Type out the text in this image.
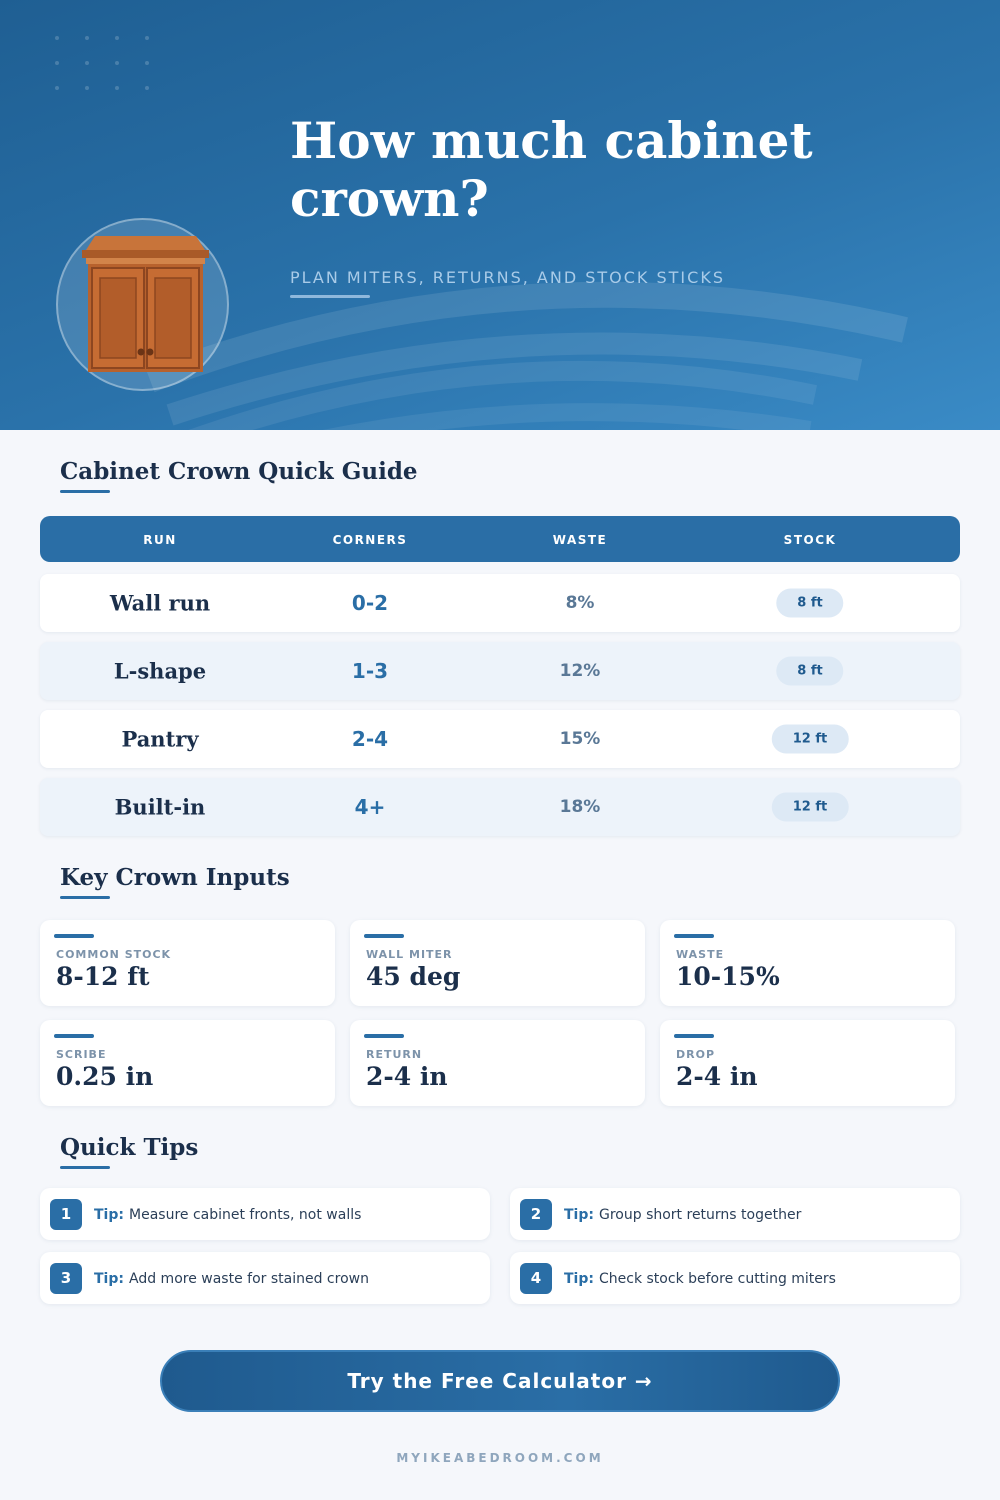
How much cabinet crown?
PLAN MITERS, RETURNS, AND STOCK STICKS
Cabinet Crown Quick Guide
RUN	CORNERS	WASTE	STOCK
Wall run	0-2	8%	8 ft
L-shape	1-3	12%	8 ft
Pantry	2-4	15%	12 ft
Built-in	4+	18%	12 ft
Key Crown Inputs
COMMON STOCK
8-12 ft
WALL MITER
45 deg
WASTE
10-15%
SCRIBE
0.25 in
RETURN
2-4 in
DROP
2-4 in
Quick Tips
1	Tip: Measure cabinet fronts, not walls	2	Tip: Group short returns together
3	Tip: Add more waste for stained crown	4	Tip: Check stock before cutting miters
Try the Free Calculator →
MYIKEABEDROOM.COM
